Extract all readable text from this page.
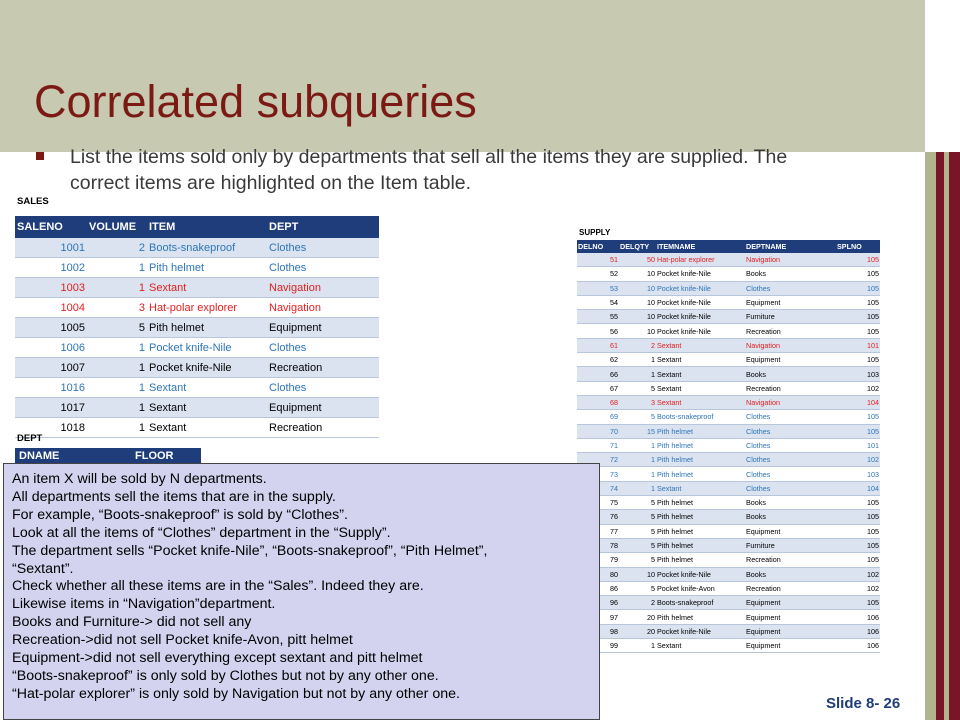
Correlated subqueries
List the items sold only by departments that sell all the items they are supplied. The correct items are highlighted on the Item table.
SALES
SALENO	VOLUME	ITEM	DEPT
1001	2	Boots-snakeproof	Clothes
1002	1	Pith helmet	Clothes
1003	1	Sextant	Navigation
1004	3	Hat-polar explorer	Navigation
1005	5	Pith helmet	Equipment
1006	1	Pocket knife-Nile	Clothes
1007	1	Pocket knife-Nile	Recreation
1016	1	Sextant	Clothes
1017	1	Sextant	Equipment
1018	1	Sextant	Recreation
SUPPLY
DELNO	DELQTY	ITEMNAME	DEPTNAME	SPLNO
51	50	Hat-polar explorer	Navigation	105
52	10	Pocket knife-Nile	Books	105
53	10	Pocket knife-Nile	Clothes	105
54	10	Pocket knife-Nile	Equipment	105
55	10	Pocket knife-Nile	Furniture	105
56	10	Pocket knife-Nile	Recreation	105
61	2	Sextant	Navigation	101
62	1	Sextant	Equipment	105
66	1	Sextant	Books	103
67	5	Sextant	Recreation	102
68	3	Sextant	Navigation	104
69	5	Boots-snakeproof	Clothes	105
70	15	Pith helmet	Clothes	105
71	1	Pith helmet	Clothes	101
72	1	Pith helmet	Clothes	102
73	1	Pith helmet	Clothes	103
74	1	Sextant	Clothes	104
75	5	Pith helmet	Books	105
76	5	Pith helmet	Books	105
77	5	Pith helmet	Equipment	105
78	5	Pith helmet	Furniture	105
79	5	Pith helmet	Recreation	105
80	10	Pocket knife-Nile	Books	102
86	5	Pocket knife-Avon	Recreation	102
96	2	Boots-snakeproof	Equipment	105
97	20	Pith helmet	Equipment	106
98	20	Pocket knife-Nile	Equipment	106
99	1	Sextant	Equipment	106
DEPT
DNAME	FLOOR
An item X will be sold by N departments.
All departments sell the items that are in the supply.
For example, “Boots-snakeproof” is sold by “Clothes”.
Look at all the items of “Clothes” department in the “Supply”.
The department sells “Pocket knife-Nile”, “Boots-snakeproof”, “Pith Helmet”,
“Sextant”.
Check whether all these items are in the “Sales”. Indeed they are.
Likewise items in “Navigation”department.
Books and Furniture-> did not sell any
Recreation->did not sell Pocket knife-Avon, pitt helmet
Equipment->did not sell everything except sextant and pitt helmet
“Boots-snakeproof” is only sold by Clothes but not by any other one.
“Hat-polar explorer” is only sold by Navigation but not by any other one.
Slide 8- 26
